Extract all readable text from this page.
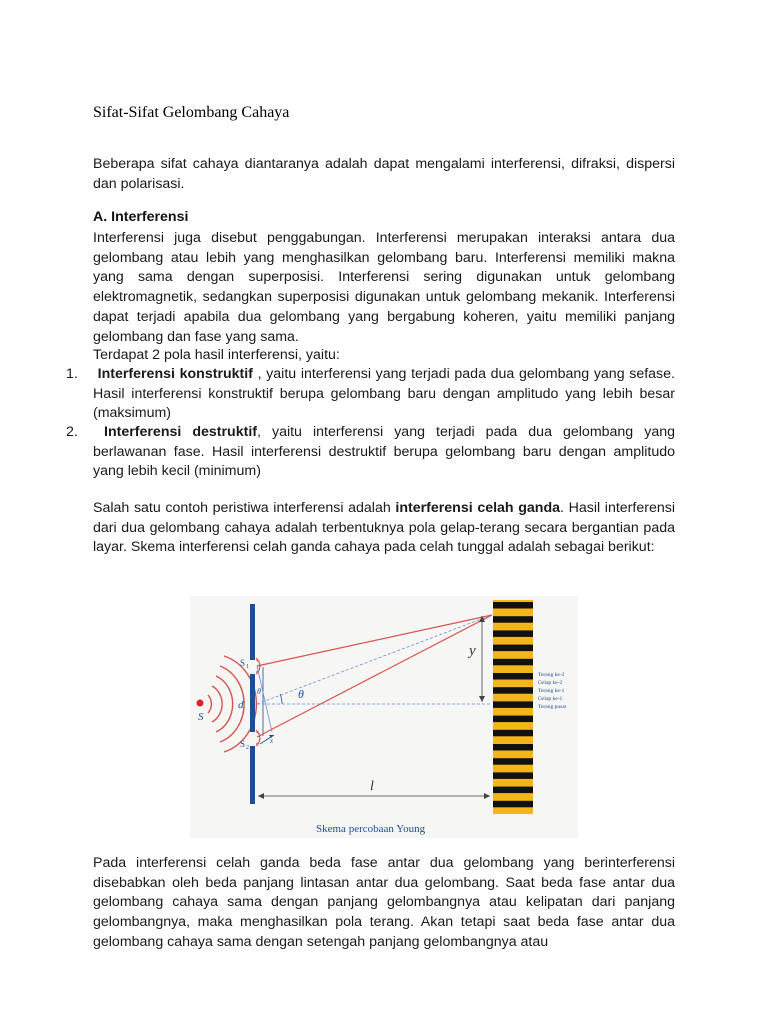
Sifat-Sifat Gelombang Cahaya
Beberapa sifat cahaya diantaranya adalah dapat mengalami interferensi, difraksi, dispersi dan polarisasi.
A. Interferensi
Interferensi juga disebut penggabungan. Interferensi merupakan interaksi antara dua gelombang atau lebih yang menghasilkan gelombang baru. Interferensi memiliki makna yang sama dengan superposisi. Interferensi sering digunakan untuk gelombang elektromagnetik, sedangkan superposisi digunakan untuk gelombang mekanik. Interferensi dapat terjadi apabila dua gelombang yang bergabung koheren, yaitu memiliki panjang gelombang dan fase yang sama.
Terdapat 2 pola hasil interferensi, yaitu:
1.	Interferensi konstruktif , yaitu interferensi yang terjadi pada dua gelombang yang sefase. Hasil interferensi konstruktif berupa gelombang baru dengan amplitudo yang lebih besar (maksimum)
2.	Interferensi destruktif, yaitu interferensi yang terjadi pada dua gelombang yang berlawanan fase. Hasil interferensi destruktif berupa gelombang baru dengan amplitudo yang lebih kecil (minimum)
Salah satu contoh peristiwa interferensi adalah interferensi celah ganda. Hasil interferensi dari dua gelombang cahaya adalah terbentuknya pola gelap-terang secara bergantian pada layar. Skema interferensi celah ganda cahaya pada celah tunggal adalah sebagai berikut:
S
S 1
S 2
d
θ
θ
x
y
l
Terang ke-2
Gelap ke-2
Terang ke-1
Gelap ke-1
Terang pusat
Skema percobaan Young
Pada interferensi celah ganda beda fase antar dua gelombang yang berinterferensi disebabkan oleh beda panjang lintasan antar dua gelombang. Saat beda fase antar dua gelombang cahaya sama dengan panjang gelombangnya atau kelipatan dari panjang gelombangnya, maka menghasilkan pola terang. Akan tetapi saat beda fase antar dua gelombang cahaya sama dengan setengah panjang gelombangnya atau
